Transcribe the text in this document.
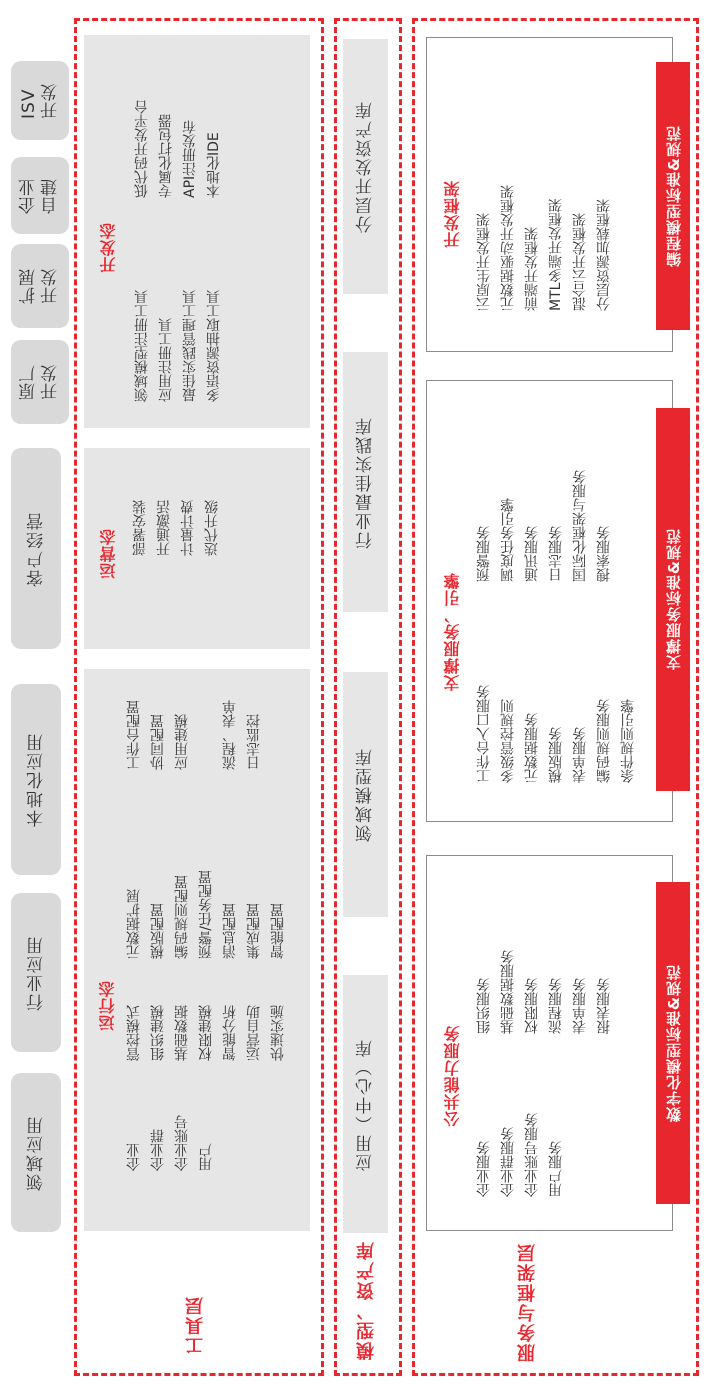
领域应用
行业应用
本地化应用
客户经营
原厂
开发
扩展
开发
企业
自建
ISV
开发
运行态
企业 企业群 企业账号 用户
管控模式 组织建模 基础数据 权限建模 智能分析 运营自助 快速实施
元数据扩展 模版配置 编码规则配置 预警/任务配置 消息配置 集成配置 智能配置
工作台配置 协同配置 应用建模
流程、表单 日志监控
运营态 部署安装 开通激活 计量计费 迭代升级
开发态
领域模型注册工具 应用注册工具 最佳实践管理工具 多语资源抽取工具
低代码开发平台 专属化打包器 API注册发布 本地化IDE
工具层
应用（中心）库
领域模型库
行业最佳实践库
分层开发资产库
模型、资产库
公共能力服务
企业服务 企业群服务 企业账号服务 用户服务
组织服务 基础数据服务 权限服务 流程服务 表单服务 报表服务	数字化模型标准&规范
支撑服务、引擎
工作台入口服务 多级管控规则 元数据服务 模版服务 表单服务 编码规则服务 条件规则引擎
预警服务 调度任务引擎 通讯服务 日志服务 国际化框架与服务 搜索服务	支撑服务标准&规范
开发框架 云原生开发框架 元数据驱动开发框架 前端开发框架 MTL多端开发框架 混合云开发框架 分层资源加载框架	编程模型标准&规范
服务与框架层
